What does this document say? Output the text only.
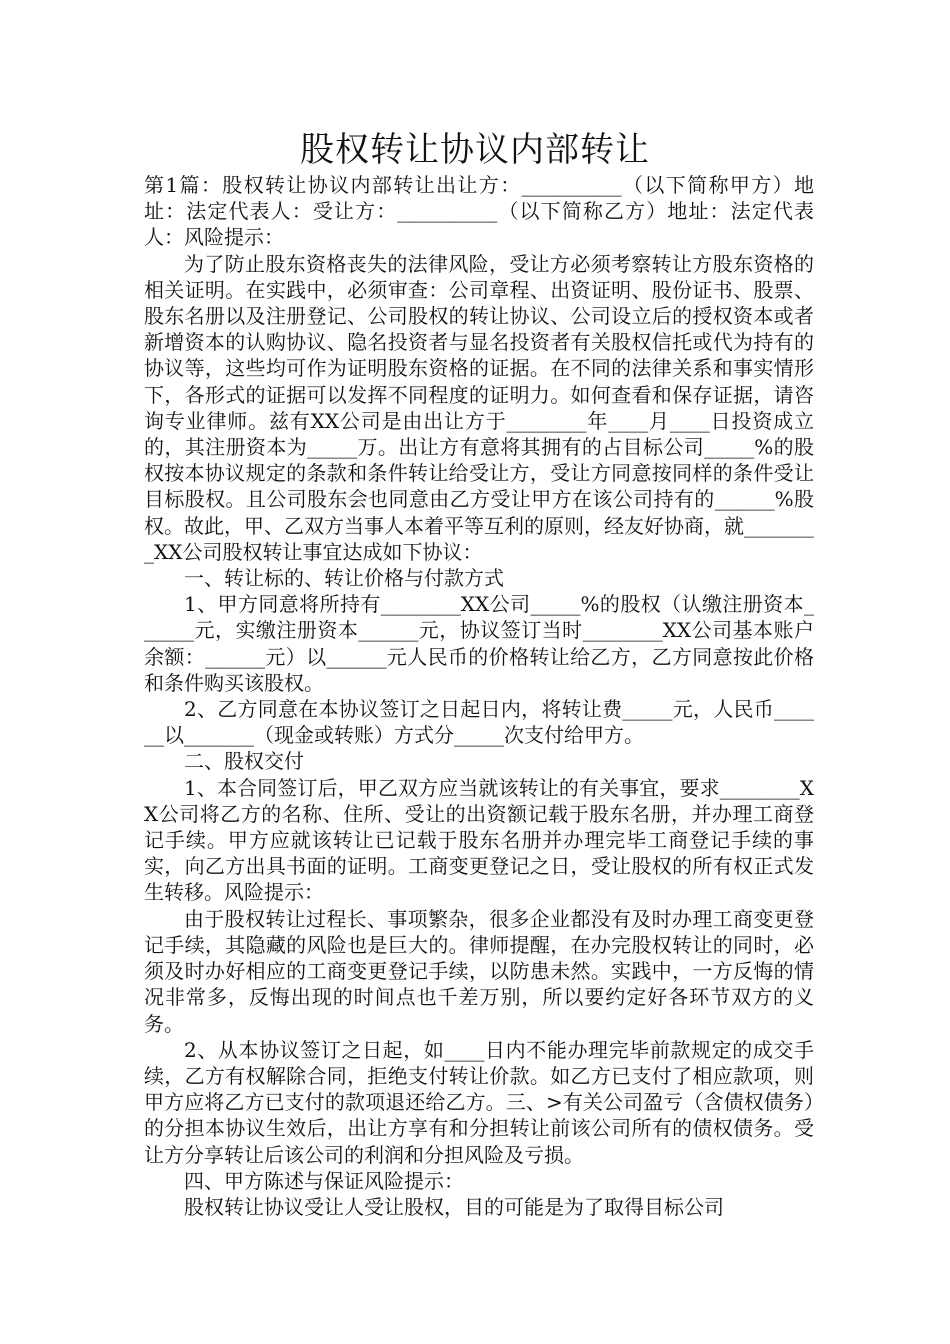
股权转让协议内部转让

第1篇：股权转让协议内部转让出让方：__________（以下简称甲方）地址：法定代表人：受让方：__________（以下简称乙方）地址：法定代表人：风险提示：

为了防止股东资格丧失的法律风险，受让方必须考察转让方股东资格的相关证明。在实践中，必须审查：公司章程、出资证明、股份证书、股票、股东名册以及注册登记、公司股权的转让协议、公司设立后的授权资本或者新增资本的认购协议、隐名投资者与显名投资者有关股权信托或代为持有的协议等，这些均可作为证明股东资格的证据。在不同的法律关系和事实情形下，各形式的证据可以发挥不同程度的证明力。如何查看和保存证据，请咨询专业律师。兹有XX公司是由出让方于________年____月____日投资成立的，其注册资本为_____万。出让方有意将其拥有的占目标公司_____%的股权按本协议规定的条款和条件转让给受让方，受让方同意按同样的条件受让目标股权。且公司股东会也同意由乙方受让甲方在该公司持有的______%股权。故此，甲、乙双方当事人本着平等互利的原则，经友好协商，就________XX公司股权转让事宜达成如下协议：

一、转让标的、转让价格与付款方式

1、甲方同意将所持有________XX公司_____%的股权（认缴注册资本______元，实缴注册资本______元，协议签订当时________XX公司基本账户余额：______元）以______元人民币的价格转让给乙方，乙方同意按此价格和条件购买该股权。

2、乙方同意在本协议签订之日起日内，将转让费_____元，人民币______以_______（现金或转账）方式分_____次支付给甲方。

二、股权交付

1、本合同签订后，甲乙双方应当就该转让的有关事宜，要求________XX公司将乙方的名称、住所、受让的出资额记载于股东名册，并办理工商登记手续。甲方应就该转让已记载于股东名册并办理完毕工商登记手续的事实，向乙方出具书面的证明。工商变更登记之日，受让股权的所有权正式发生转移。风险提示：

由于股权转让过程长、事项繁杂，很多企业都没有及时办理工商变更登记手续，其隐藏的风险也是巨大的。律师提醒，在办完股权转让的同时，必须及时办好相应的工商变更登记手续，以防患未然。实践中，一方反悔的情况非常多，反悔出现的时间点也千差万别，所以要约定好各环节双方的义务。

2、从本协议签订之日起，如____日内不能办理完毕前款规定的成交手续，乙方有权解除合同，拒绝支付转让价款。如乙方已支付了相应款项，则甲方应将乙方已支付的款项退还给乙方。三、>有关公司盈亏（含债权债务）的分担本协议生效后，出让方享有和分担转让前该公司所有的债权债务。受让方分享转让后该公司的利润和分担风险及亏损。

四、甲方陈述与保证风险提示：

股权转让协议受让人受让股权，目的可能是为了取得目标公司
